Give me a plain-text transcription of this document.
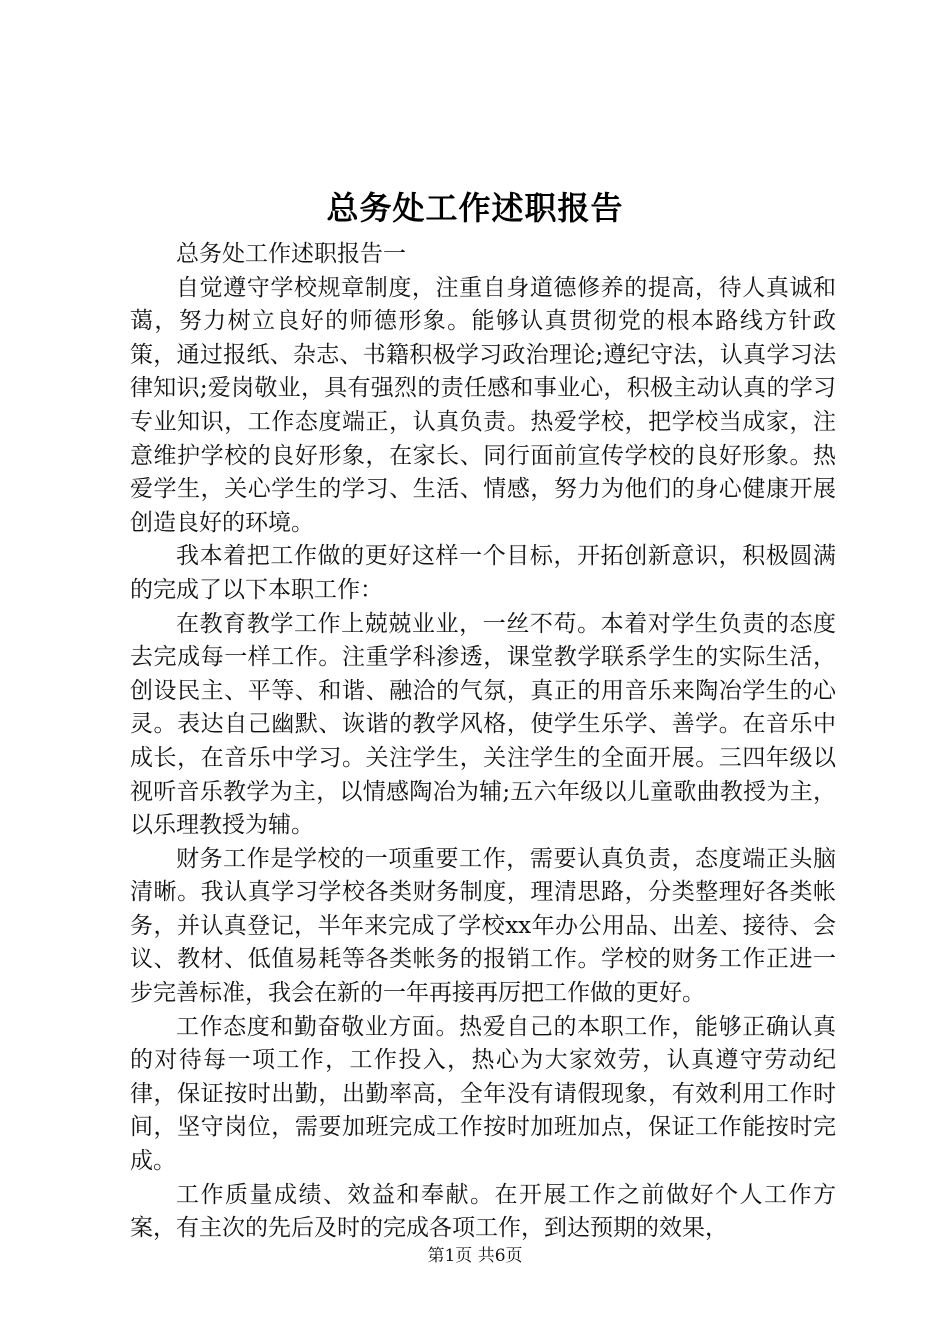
总务处工作述职报告

总务处工作述职报告一

自觉遵守学校规章制度，注重自身道德修养的提高，待人真诚和蔼，努力树立良好的师德形象。能够认真贯彻党的根本路线方针政策，通过报纸、杂志、书籍积极学习政治理论;遵纪守法，认真学习法律知识;爱岗敬业，具有强烈的责任感和事业心，积极主动认真的学习专业知识，工作态度端正，认真负责。热爱学校，把学校当成家，注意维护学校的良好形象，在家长、同行面前宣传学校的良好形象。热爱学生，关心学生的学习、生活、情感，努力为他们的身心健康开展创造良好的环境。

我本着把工作做的更好这样一个目标，开拓创新意识，积极圆满的完成了以下本职工作：

在教育教学工作上兢兢业业，一丝不苟。本着对学生负责的态度去完成每一样工作。注重学科渗透，课堂教学联系学生的实际生活，创设民主、平等、和谐、融洽的气氛，真正的用音乐来陶冶学生的心灵。表达自己幽默、诙谐的教学风格，使学生乐学、善学。在音乐中成长，在音乐中学习。关注学生，关注学生的全面开展。三四年级以视听音乐教学为主，以情感陶冶为辅;五六年级以儿童歌曲教授为主，以乐理教授为辅。

财务工作是学校的一项重要工作，需要认真负责，态度端正头脑清晰。我认真学习学校各类财务制度，理清思路，分类整理好各类帐务，并认真登记，半年来完成了学校xx年办公用品、出差、接待、会议、教材、低值易耗等各类帐务的报销工作。学校的财务工作正进一步完善标准，我会在新的一年再接再厉把工作做的更好。

工作态度和勤奋敬业方面。热爱自己的本职工作，能够正确认真的对待每一项工作，工作投入，热心为大家效劳，认真遵守劳动纪律，保证按时出勤，出勤率高，全年没有请假现象，有效利用工作时间，坚守岗位，需要加班完成工作按时加班加点，保证工作能按时完成。

工作质量成绩、效益和奉献。在开展工作之前做好个人工作方案，有主次的先后及时的完成各项工作，到达预期的效果，

第1页 共6页
